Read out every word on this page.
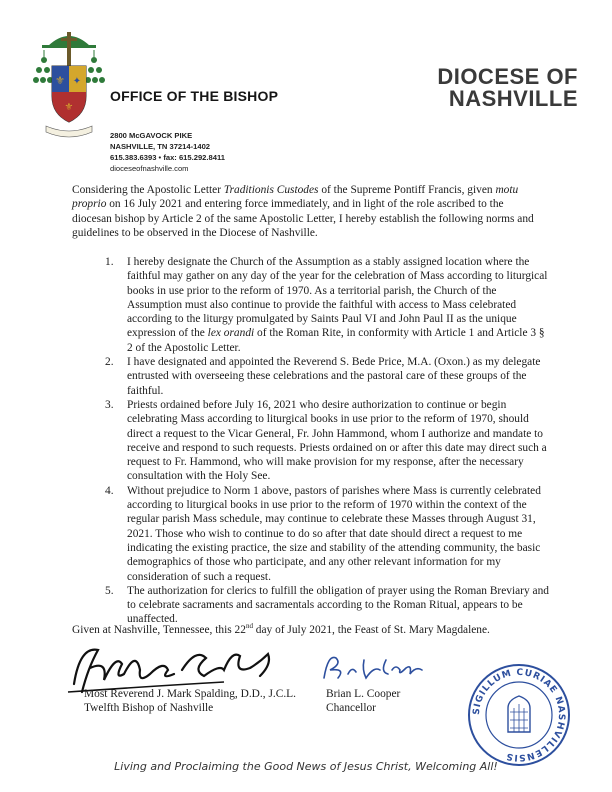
⚜ ✦
⚜
OFFICE OF THE BISHOP
DIOCESE OF
NASHVILLE
2800 McGAVOCK PIKE
NASHVILLE, TN 37214-1402
615.383.6393 • fax: 615.292.8411
dioceseofnashville.com
Considering the Apostolic Letter Traditionis Custodes of the Supreme Pontiff Francis, given motu proprio on 16 July 2021 and entering force immediately, and in light of the role ascribed to the diocesan bishop by Article 2 of the same Apostolic Letter, I hereby establish the following norms and guidelines to be observed in the Diocese of Nashville.
1. I hereby designate the Church of the Assumption as a stably assigned location where the faithful may gather on any day of the year for the celebration of Mass according to liturgical books in use prior to the reform of 1970. As a territorial parish, the Church of the Assumption must also continue to provide the faithful with access to Mass celebrated according to the liturgy promulgated by Saints Paul VI and John Paul II as the unique expression of the lex orandi of the Roman Rite, in conformity with Article 1 and Article 3 § 2 of the Apostolic Letter.
2. I have designated and appointed the Reverend S. Bede Price, M.A. (Oxon.) as my delegate entrusted with overseeing these celebrations and the pastoral care of these groups of the faithful.
3. Priests ordained before July 16, 2021 who desire authorization to continue or begin celebrating Mass according to liturgical books in use prior to the reform of 1970, should direct a request to the Vicar General, Fr. John Hammond, whom I authorize and mandate to receive and respond to such requests. Priests ordained on or after this date may direct such a request to Fr. Hammond, who will make provision for my response, after the necessary consultation with the Holy See.
4. Without prejudice to Norm 1 above, pastors of parishes where Mass is currently celebrated according to liturgical books in use prior to the reform of 1970 within the context of the regular parish Mass schedule, may continue to celebrate these Masses through August 31, 2021. Those who wish to continue to do so after that date should direct a request to me indicating the existing practice, the size and stability of the attending community, the basic demographics of those who participate, and any other relevant information for my consideration of such a request.
5. The authorization for clerics to fulfill the obligation of prayer using the Roman Breviary and to celebrate sacraments and sacramentals according to the Roman Ritual, appears to be unaffected.
Given at Nashville, Tennessee, this 22nd day of July 2021, the Feast of St. Mary Magdalene.
Most Reverend J. Mark Spalding, D.D., J.C.L.
Twelfth Bishop of Nashville
Brian L. Cooper
Chancellor	SIGILLUM CURIAE NASHVILLENSIS
Living and Proclaiming the Good News of Jesus Christ, Welcoming All!
